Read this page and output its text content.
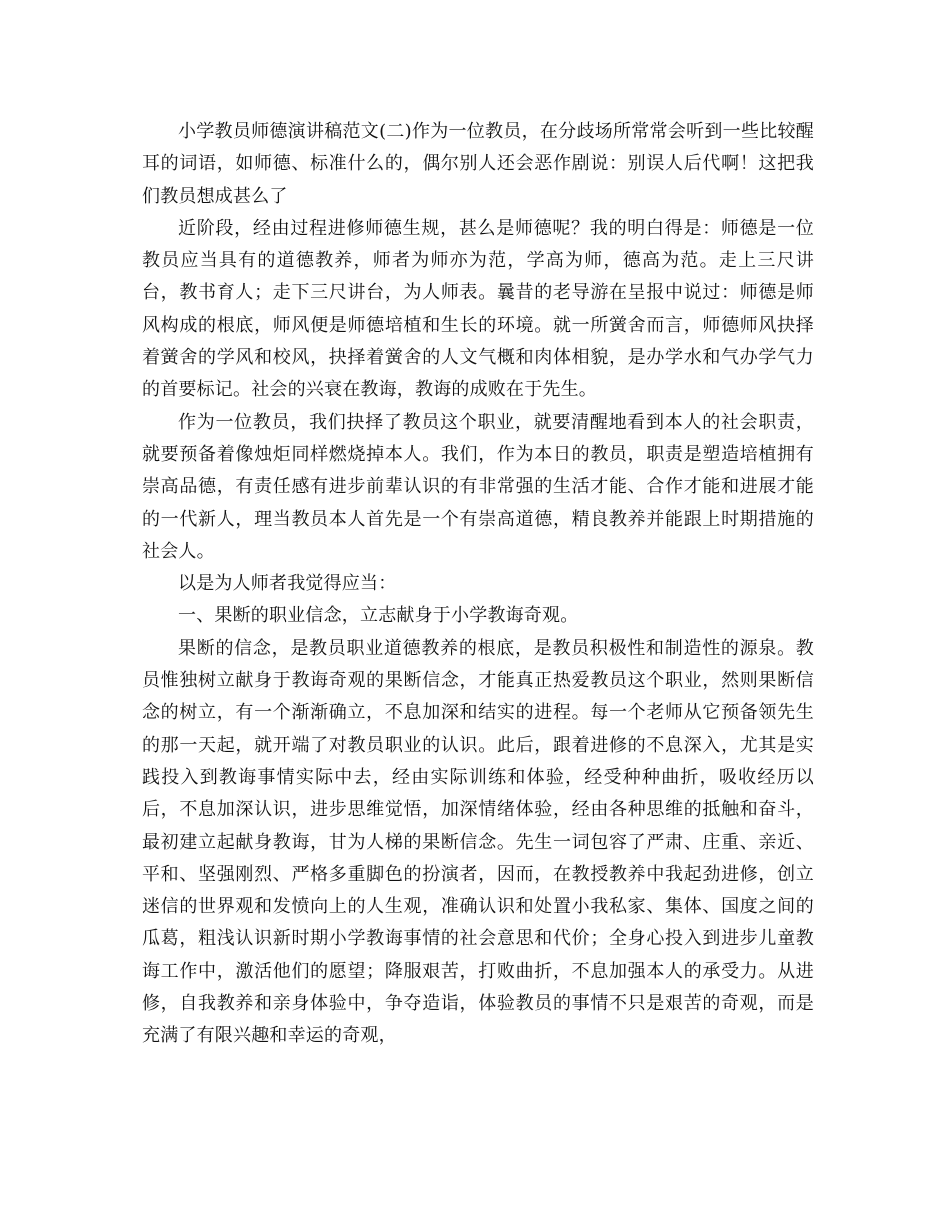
小学教员师德演讲稿范文(二)作为一位教员，在分歧场所常常会听到一些比较醒耳的词语，如师德、标准什么的，偶尔别人还会恶作剧说：别误人后代啊！这把我们教员想成甚么了

近阶段，经由过程进修师德生规，甚么是师德呢？我的明白得是：师德是一位教员应当具有的道德教养，师者为师亦为范，学高为师，德高为范。走上三尺讲台，教书育人；走下三尺讲台，为人师表。曩昔的老导游在呈报中说过：师德是师风构成的根底，师风便是师德培植和生长的环境。就一所黉舍而言，师德师风抉择着黉舍的学风和校风，抉择着黉舍的人文气概和肉体相貌，是办学水和气办学气力的首要标记。社会的兴衰在教诲，教诲的成败在于先生。

作为一位教员，我们抉择了教员这个职业，就要清醒地看到本人的社会职责，就要预备着像烛炬同样燃烧掉本人。我们，作为本日的教员，职责是塑造培植拥有崇高品德，有责任感有进步前辈认识的有非常强的生活才能、合作才能和进展才能的一代新人，理当教员本人首先是一个有崇高道德，精良教养并能跟上时期措施的社会人。

以是为人师者我觉得应当：

一、果断的职业信念，立志献身于小学教诲奇观。

果断的信念，是教员职业道德教养的根底，是教员积极性和制造性的源泉。教员惟独树立献身于教诲奇观的果断信念，才能真正热爱教员这个职业，然则果断信念的树立，有一个渐渐确立，不息加深和结实的进程。每一个老师从它预备领先生的那一天起，就开端了对教员职业的认识。此后，跟着进修的不息深入，尤其是实践投入到教诲事情实际中去，经由实际训练和体验，经受种种曲折，吸收经历以后，不息加深认识，进步思维觉悟，加深情绪体验，经由各种思维的抵触和奋斗，最初建立起献身教诲，甘为人梯的果断信念。先生一词包容了严肃、庄重、亲近、平和、坚强刚烈、严格多重脚色的扮演者，因而，在教授教养中我起劲进修，创立迷信的世界观和发愤向上的人生观，准确认识和处置小我私家、集体、国度之间的瓜葛，粗浅认识新时期小学教诲事情的社会意思和代价；全身心投入到进步儿童教诲工作中，激活他们的愿望；降服艰苦，打败曲折，不息加强本人的承受力。从进修，自我教养和亲身体验中，争夺造诣，体验教员的事情不只是艰苦的奇观，而是充满了有限兴趣和幸运的奇观，
